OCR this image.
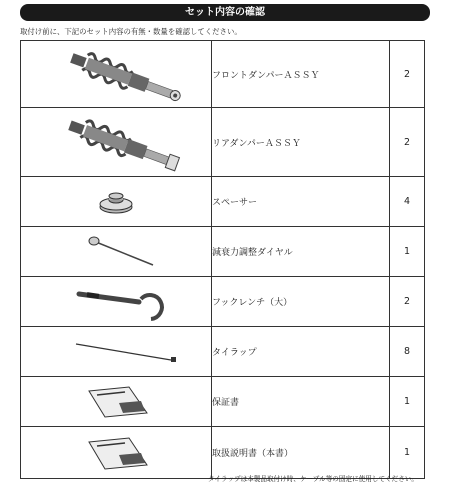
セット内容の確認
取付け前に、下記のセット内容の有無・数量を確認してください。
	フロントダンパーＡＳＳＹ	2

	リアダンパーＡＳＳＹ	2

	スペーサー	4

	減衰力調整ダイヤル	1

	フックレンチ（大）	2

	タイラップ	8

	保証書	1

	取扱説明書（本書）	1
タイラップは本製品取付け時、ケーブル等の固定に使用してください。
